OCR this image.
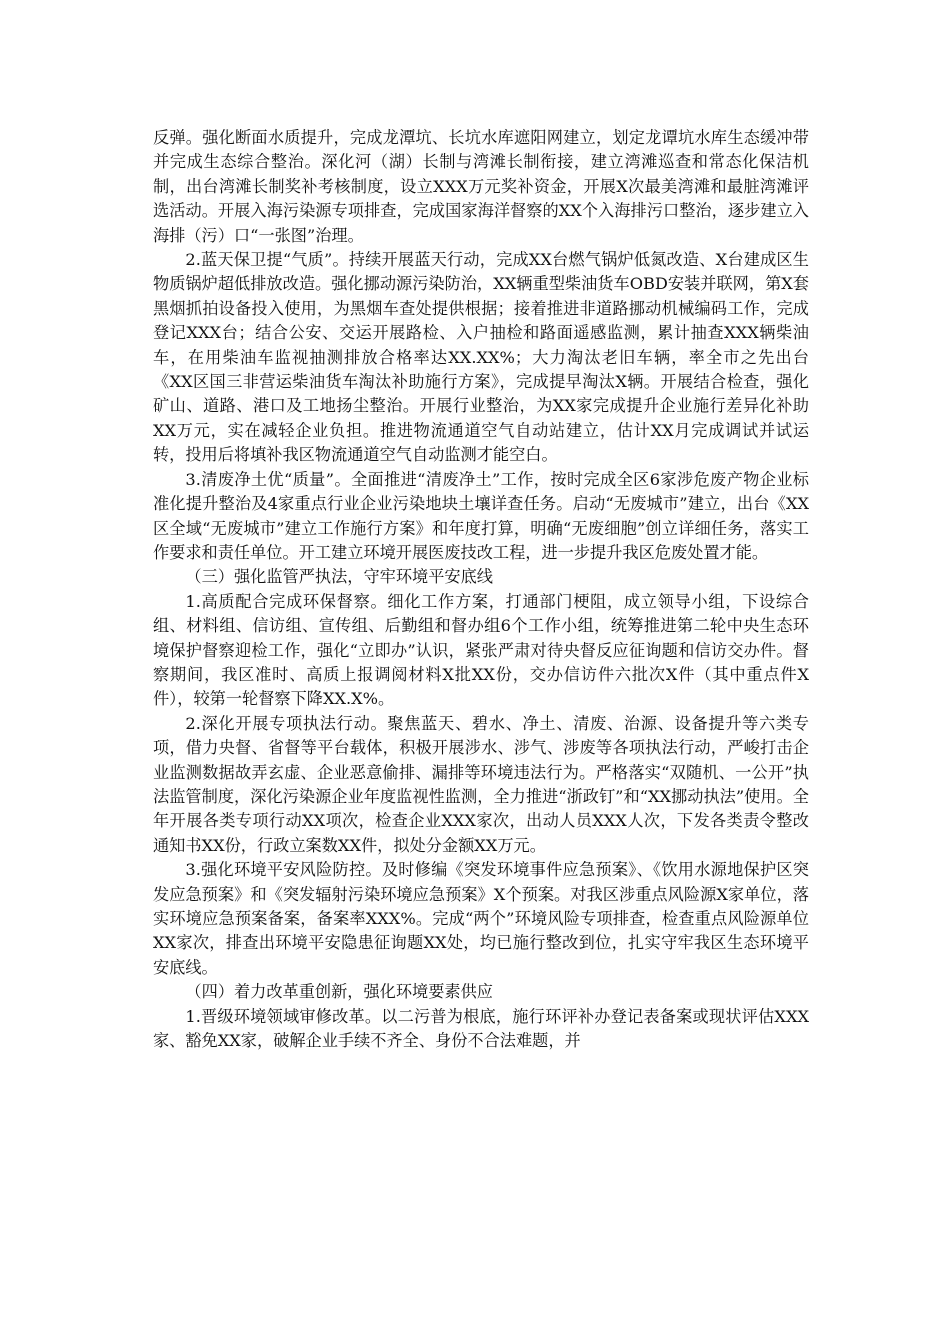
反弹。强化断面水质提升，完成龙潭坑、长坑水库遮阳网建立，划定龙谭坑水库生态缓冲带并完成生态综合整治。深化河（湖）长制与湾滩长制衔接，建立湾滩巡查和常态化保洁机制，出台湾滩长制奖补考核制度，设立XXX万元奖补资金，开展X次最美湾滩和最脏湾滩评选活动。开展入海污染源专项排查，完成国家海洋督察的XX个入海排污口整治，逐步建立入海排（污）口“一张图”治理。

2.蓝天保卫提“气质”。持续开展蓝天行动，完成XX台燃气锅炉低氮改造、X台建成区生物质锅炉超低排放改造。强化挪动源污染防治，XX辆重型柴油货车OBD安装并联网，第X套黑烟抓拍设备投入使用，为黑烟车查处提供根据；接着推进非道路挪动机械编码工作，完成登记XXX台；结合公安、交运开展路检、入户抽检和路面遥感监测，累计抽查XXX辆柴油车，在用柴油车监视抽测排放合格率达XX.XX%；大力淘汰老旧车辆，率全市之先出台《XX区国三非营运柴油货车淘汰补助施行方案》，完成提早淘汰X辆。开展结合检查，强化矿山、道路、港口及工地扬尘整治。开展行业整治，为XX家完成提升企业施行差异化补助XX万元，实在减轻企业负担。推进物流通道空气自动站建立，估计XX月完成调试并试运转，投用后将填补我区物流通道空气自动监测才能空白。

3.清废净土优“质量”。全面推进“清废净土”工作，按时完成全区6家涉危废产物企业标准化提升整治及4家重点行业企业污染地块土壤详查任务。启动“无废城市”建立，出台《XX区全域“无废城市”建立工作施行方案》和年度打算，明确“无废细胞”创立详细任务，落实工作要求和责任单位。开工建立环境开展医废技改工程，进一步提升我区危废处置才能。

（三）强化监管严执法，守牢环境平安底线

1.高质配合完成环保督察。细化工作方案，打通部门梗阻，成立领导小组，下设综合组、材料组、信访组、宣传组、后勤组和督办组6个工作小组，统筹推进第二轮中央生态环境保护督察迎检工作，强化“立即办”认识，紧张严肃对待央督反应征询题和信访交办件。督察期间，我区准时、高质上报调阅材料X批XX份，交办信访件六批次X件（其中重点件X件），较第一轮督察下降XX.X%。

2.深化开展专项执法行动。聚焦蓝天、碧水、净土、清废、治源、设备提升等六类专项，借力央督、省督等平台载体，积极开展涉水、涉气、涉废等各项执法行动，严峻打击企业监测数据故弄玄虚、企业恶意偷排、漏排等环境违法行为。严格落实“双随机、一公开”执法监管制度，深化污染源企业年度监视性监测，全力推进“浙政钉”和“XX挪动执法”使用。全年开展各类专项行动XX项次，检查企业XXX家次，出动人员XXX人次，下发各类责令整改通知书XX份，行政立案数XX件，拟处分金额XX万元。

3.强化环境平安风险防控。及时修编《突发环境事件应急预案》、《饮用水源地保护区突发应急预案》和《突发辐射污染环境应急预案》X个预案。对我区涉重点风险源X家单位，落实环境应急预案备案，备案率XXX%。完成“两个”环境风险专项排查，检查重点风险源单位XX家次，排查出环境平安隐患征询题XX处，均已施行整改到位，扎实守牢我区生态环境平安底线。

（四）着力改革重创新，强化环境要素供应

1.晋级环境领域审修改革。以二污普为根底，施行环评补办登记表备案或现状评估XXX家、豁免XX家，破解企业手续不齐全、身份不合法难题，并
